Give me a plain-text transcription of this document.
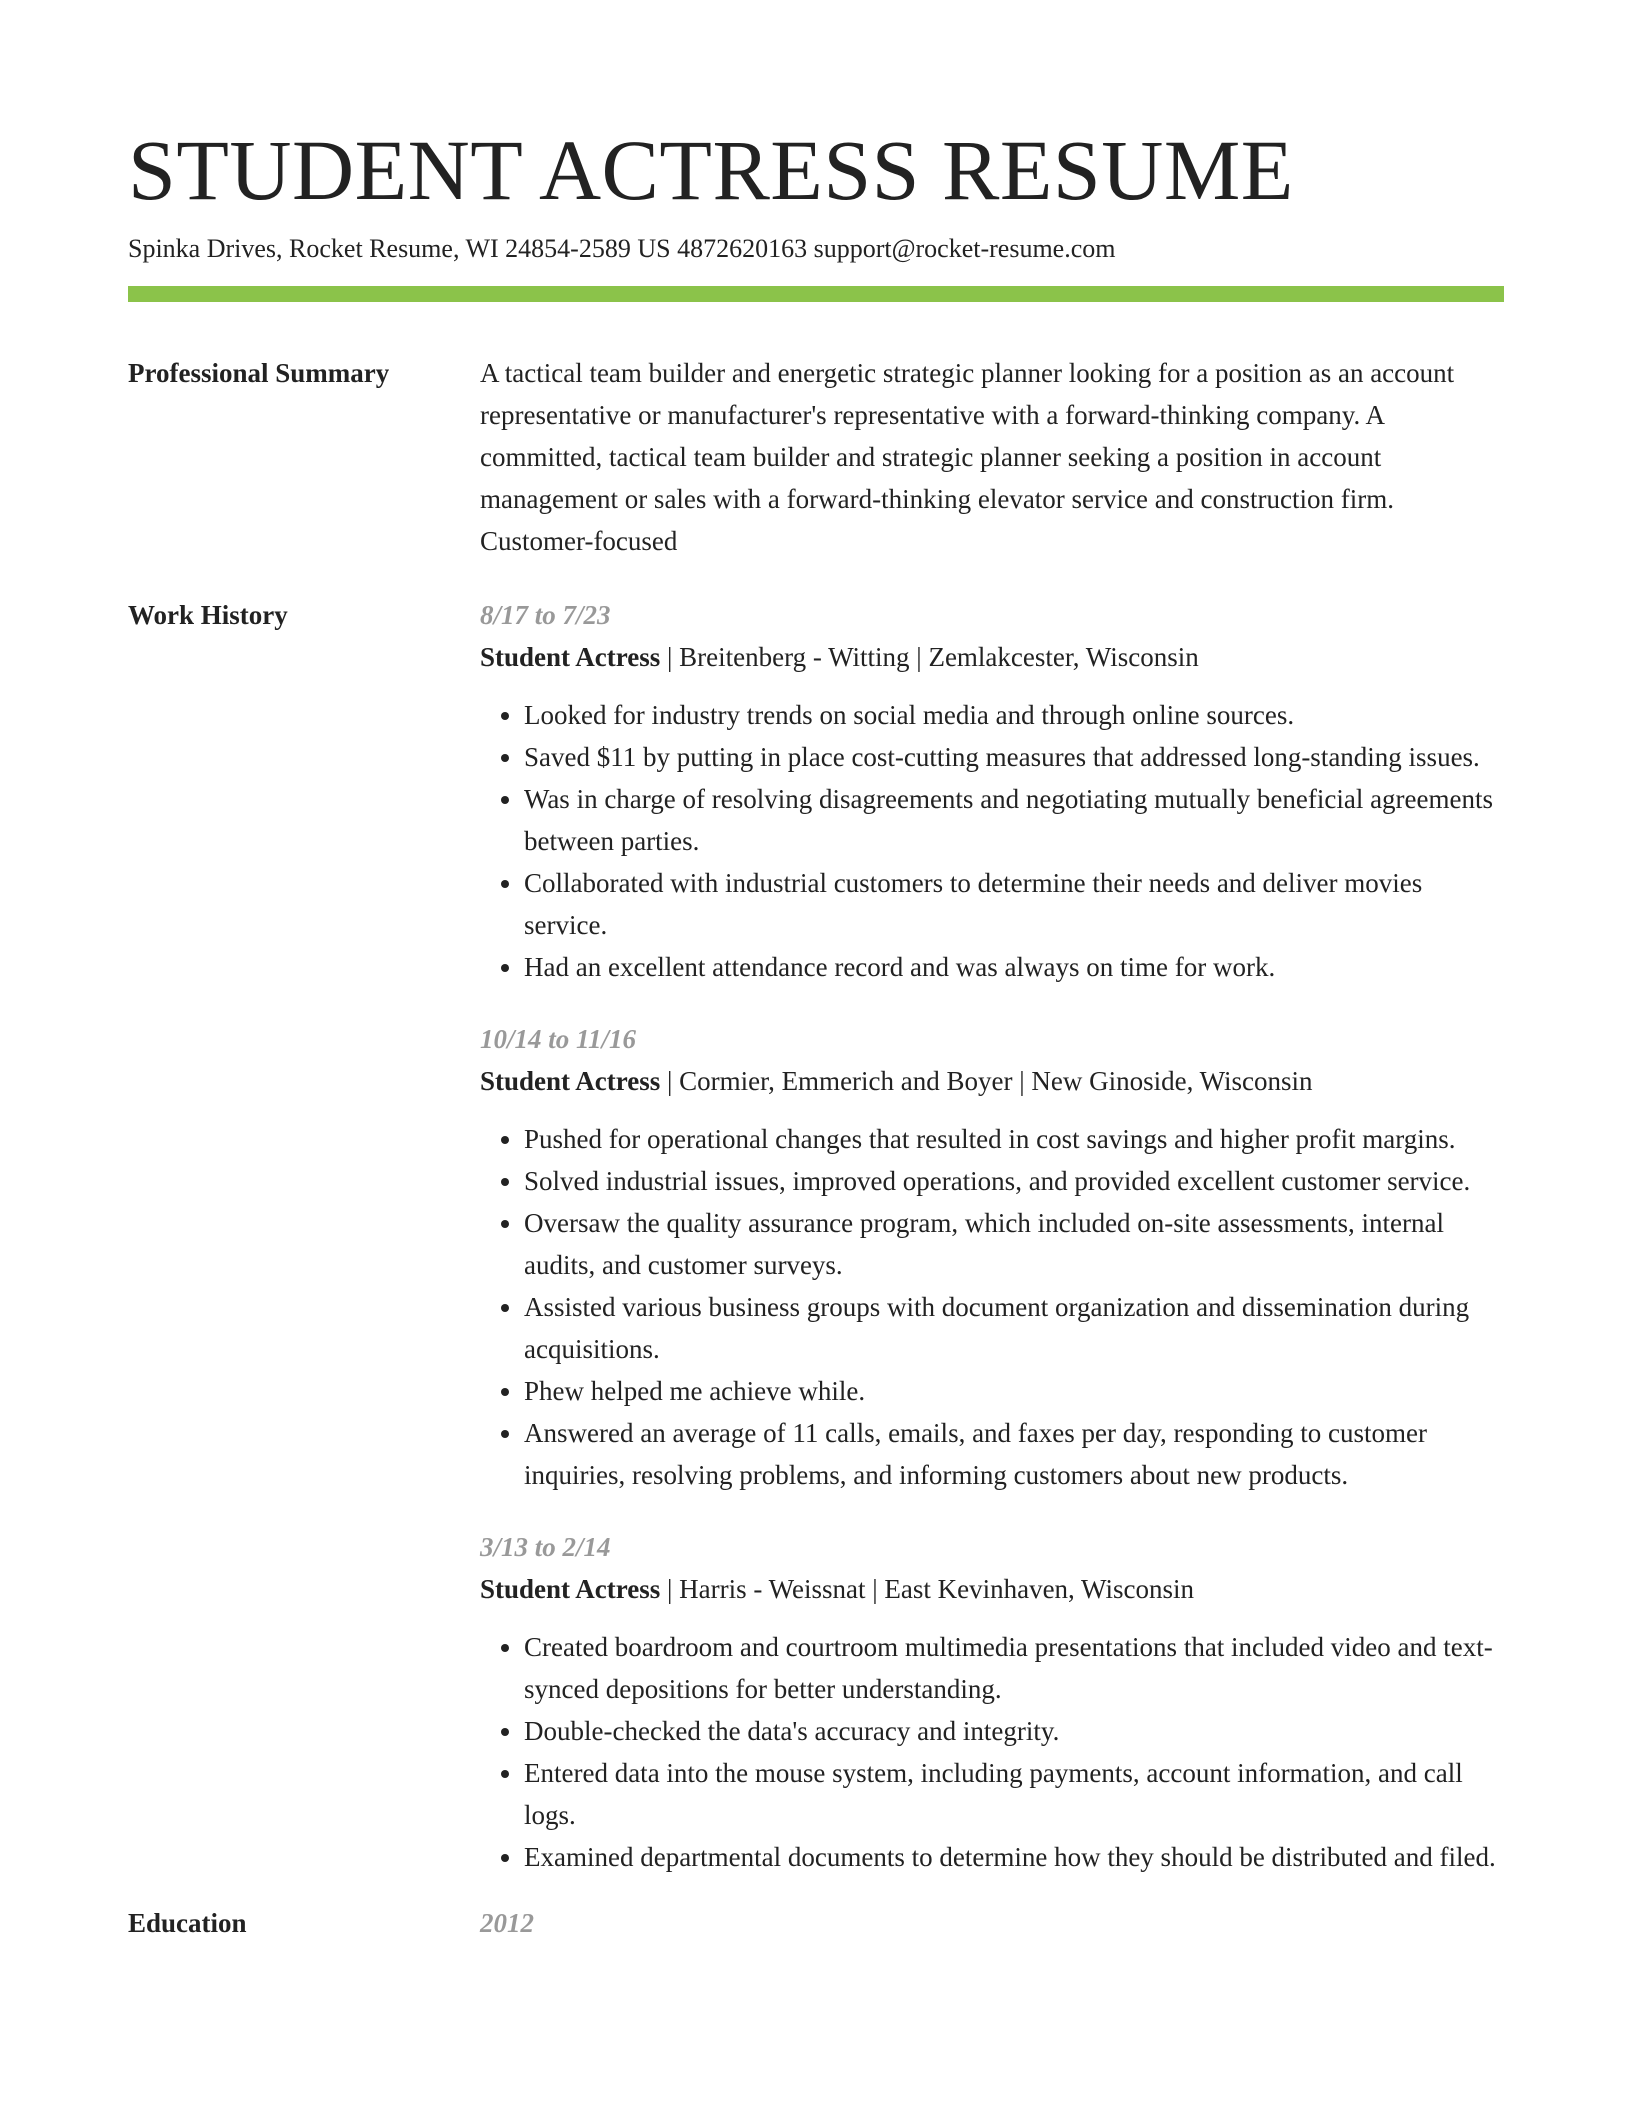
STUDENT ACTRESS RESUME
Spinka Drives, Rocket Resume, WI 24854-2589 US 4872620163 support@rocket-resume.com
Professional Summary	A tactical team builder and energetic strategic planner looking for a position as an account representative or manufacturer's representative with a forward-thinking company. A committed, tactical team builder and strategic planner seeking a position in account management or sales with a forward-thinking elevator service and construction firm. Customer-focused

Work History	8/17 to 7/23
Student Actress | Breitenberg - Witting | Zemlakcester, Wisconsin
• Looked for industry trends on social media and through online sources.
• Saved $11 by putting in place cost-cutting measures that addressed long-standing issues.
• Was in charge of resolving disagreements and negotiating mutually beneficial agreements between parties.
• Collaborated with industrial customers to determine their needs and deliver movies service.
• Had an excellent attendance record and was always on time for work.
10/14 to 11/16
Student Actress | Cormier, Emmerich and Boyer | New Ginoside, Wisconsin
• Pushed for operational changes that resulted in cost savings and higher profit margins.
• Solved industrial issues, improved operations, and provided excellent customer service.
• Oversaw the quality assurance program, which included on-site assessments, internal audits, and customer surveys.
• Assisted various business groups with document organization and dissemination during acquisitions.
• Phew helped me achieve while.
• Answered an average of 11 calls, emails, and faxes per day, responding to customer inquiries, resolving problems, and informing customers about new products.
3/13 to 2/14
Student Actress | Harris - Weissnat | East Kevinhaven, Wisconsin
• Created boardroom and courtroom multimedia presentations that included video and text-synced depositions for better understanding.
• Double-checked the data's accuracy and integrity.
• Entered data into the mouse system, including payments, account information, and call logs.
• Examined departmental documents to determine how they should be distributed and filed.
Education	2012
